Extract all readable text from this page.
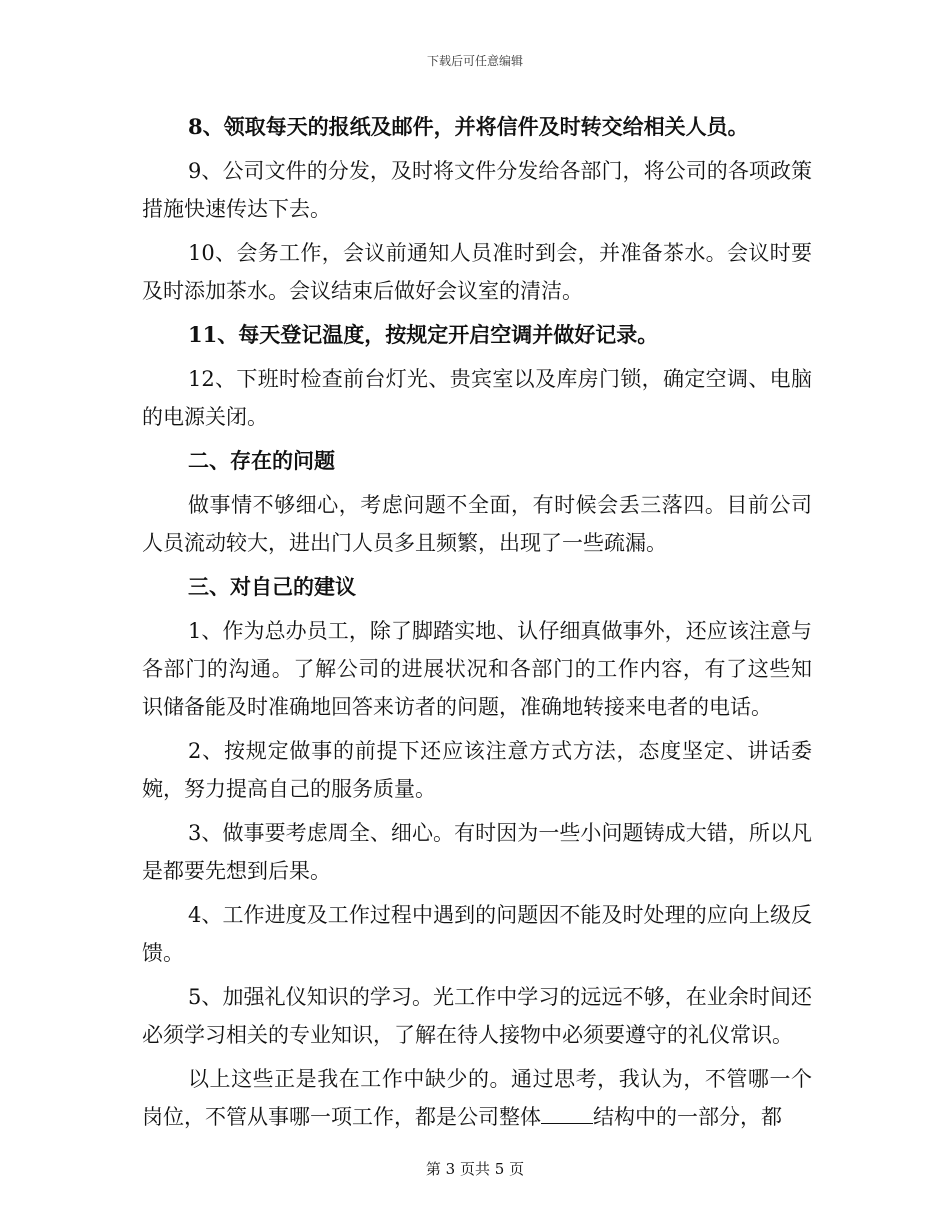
下载后可任意编辑

8、领取每天的报纸及邮件，并将信件及时转交给相关人员。

9、公司文件的分发，及时将文件分发给各部门，将公司的各项政策措施快速传达下去。

10、会务工作，会议前通知人员准时到会，并准备茶水。会议时要及时添加茶水。会议结束后做好会议室的清洁。

11、每天登记温度，按规定开启空调并做好记录。

12、下班时检查前台灯光、贵宾室以及库房门锁，确定空调、电脑的电源关闭。

二、存在的问题

做事情不够细心，考虑问题不全面，有时候会丢三落四。目前公司人员流动较大，进出门人员多且频繁，出现了一些疏漏。

三、对自己的建议

1、作为总办员工，除了脚踏实地、认仔细真做事外，还应该注意与各部门的沟通。了解公司的进展状况和各部门的工作内容，有了这些知识储备能及时准确地回答来访者的问题，准确地转接来电者的电话。

2、按规定做事的前提下还应该注意方式方法，态度坚定、讲话委婉，努力提高自己的服务质量。

3、做事要考虑周全、细心。有时因为一些小问题铸成大错，所以凡是都要先想到后果。

4、工作进度及工作过程中遇到的问题因不能及时处理的应向上级反馈。

5、加强礼仪知识的学习。光工作中学习的远远不够，在业余时间还必须学习相关的专业知识，了解在待人接物中必须要遵守的礼仪常识。

以上这些正是我在工作中缺少的。通过思考，我认为，不管哪一个岗位，不管从事哪一项工作，都是公司整体 结构中的一部分，都

第 3 页共 5 页
